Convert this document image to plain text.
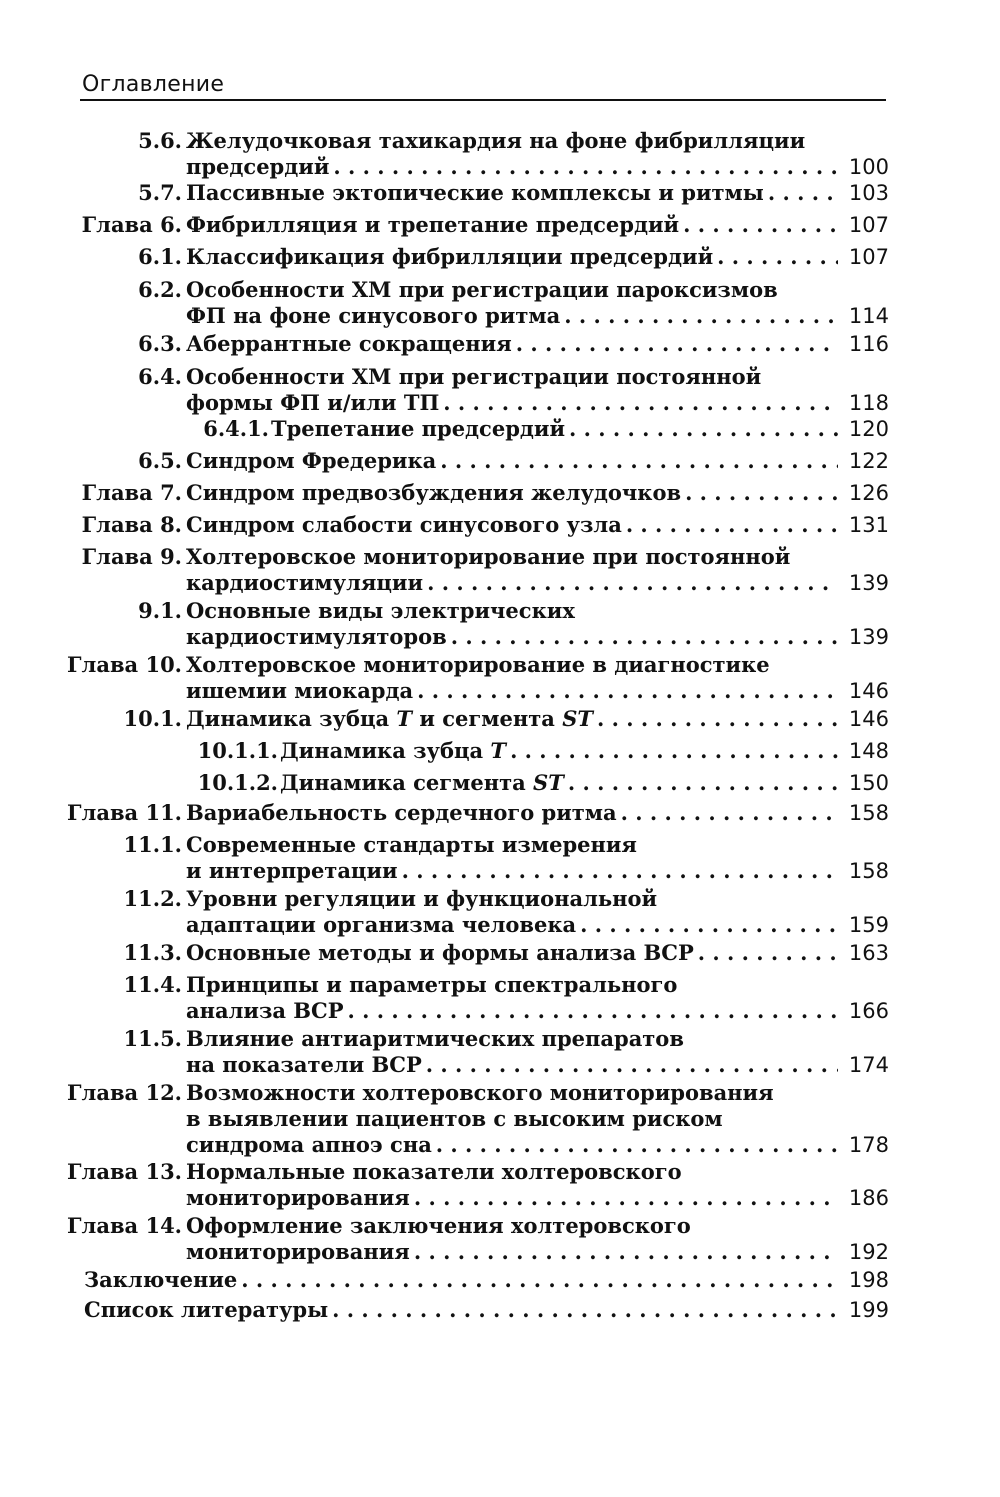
Оглавление
5.6. Желудочковая тахикардия на фоне фибрилляции
предсердий . . .	100
5.7. Пассивные эктопические комплексы и ритмы . . .	103
Глава 6. Фибрилляция и трепетание предсердий . . .	107
6.1. Классификация фибрилляции предсердий . . .	107
6.2. Особенности ХМ при регистрации пароксизмов
ФП на фоне синусового ритма . . .	114
6.3. Аберрантные сокращения . . .	116
6.4. Особенности ХМ при регистрации постоянной
формы ФП и/или ТП . . .	118
6.4.1. Трепетание предсердий . . .	120
6.5. Синдром Фредерика . . .	122
Глава 7. Синдром предвозбуждения желудочков . . .	126
Глава 8. Синдром слабости синусового узла . . .	131
Глава 9. Холтеровское мониторирование при постоянной
кардиостимуляции . . .	139
9.1. Основные виды электрических
кардиостимуляторов . . .	139
Глава 10. Холтеровское мониторирование в диагностике
ишемии миокарда . . .	146
10.1. Динамика зубца T и сегмента ST . . .	146
10.1.1. Динамика зубца T . . .	148
10.1.2. Динамика сегмента ST . . .	150
Глава 11. Вариабельность сердечного ритма . . .	158
11.1. Современные стандарты измерения
и интерпретации . . .	158
11.2. Уровни регуляции и функциональной
адаптации организма человека . . .	159
11.3. Основные методы и формы анализа ВСР . . .	163
11.4. Принципы и параметры спектрального
анализа ВСР . . .	166
11.5. Влияние антиаритмических препаратов
на показатели ВСР . . .	174
Глава 12. Возможности холтеровского мониторирования
в выявлении пациентов с высоким риском
синдрома апноэ сна . . .	178
Глава 13. Нормальные показатели холтеровского
мониторирования . . .	186
Глава 14. Оформление заключения холтеровского
мониторирования . . .	192
Заключение . . .	198
Список литературы . . .	199
